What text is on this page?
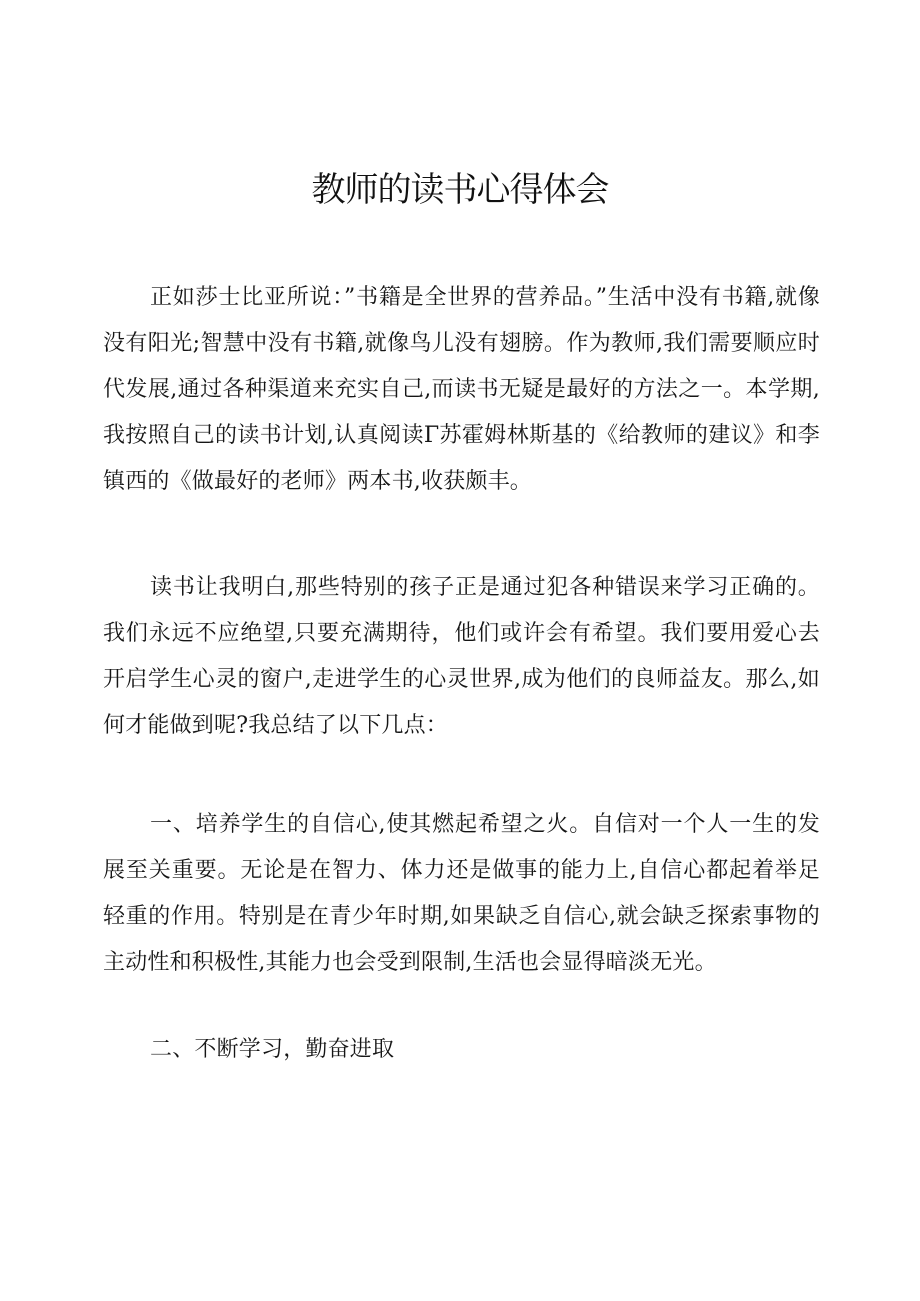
教师的读书心得体会

正如莎士比亚所说：”书籍是全世界的营养品。”生活中没有书籍,就像没有阳光;智慧中没有书籍,就像鸟儿没有翅膀。作为教师,我们需要顺应时代发展,通过各种渠道来充实自己,而读书无疑是最好的方法之一。本学期,我按照自己的读书计划,认真阅读Γ苏霍姆林斯基的《给教师的建议》和李镇西的《做最好的老师》两本书,收获颇丰。

读书让我明白,那些特别的孩子正是通过犯各种错误来学习正确的。我们永远不应绝望,只要充满期待，他们或许会有希望。我们要用爱心去开启学生心灵的窗户,走进学生的心灵世界,成为他们的良师益友。那么,如何才能做到呢?我总结了以下几点：

一、培养学生的自信心,使其燃起希望之火。自信对一个人一生的发展至关重要。无论是在智力、体力还是做事的能力上,自信心都起着举足轻重的作用。特别是在青少年时期,如果缺乏自信心,就会缺乏探索事物的主动性和积极性,其能力也会受到限制,生活也会显得暗淡无光。

二、不断学习，勤奋进取
